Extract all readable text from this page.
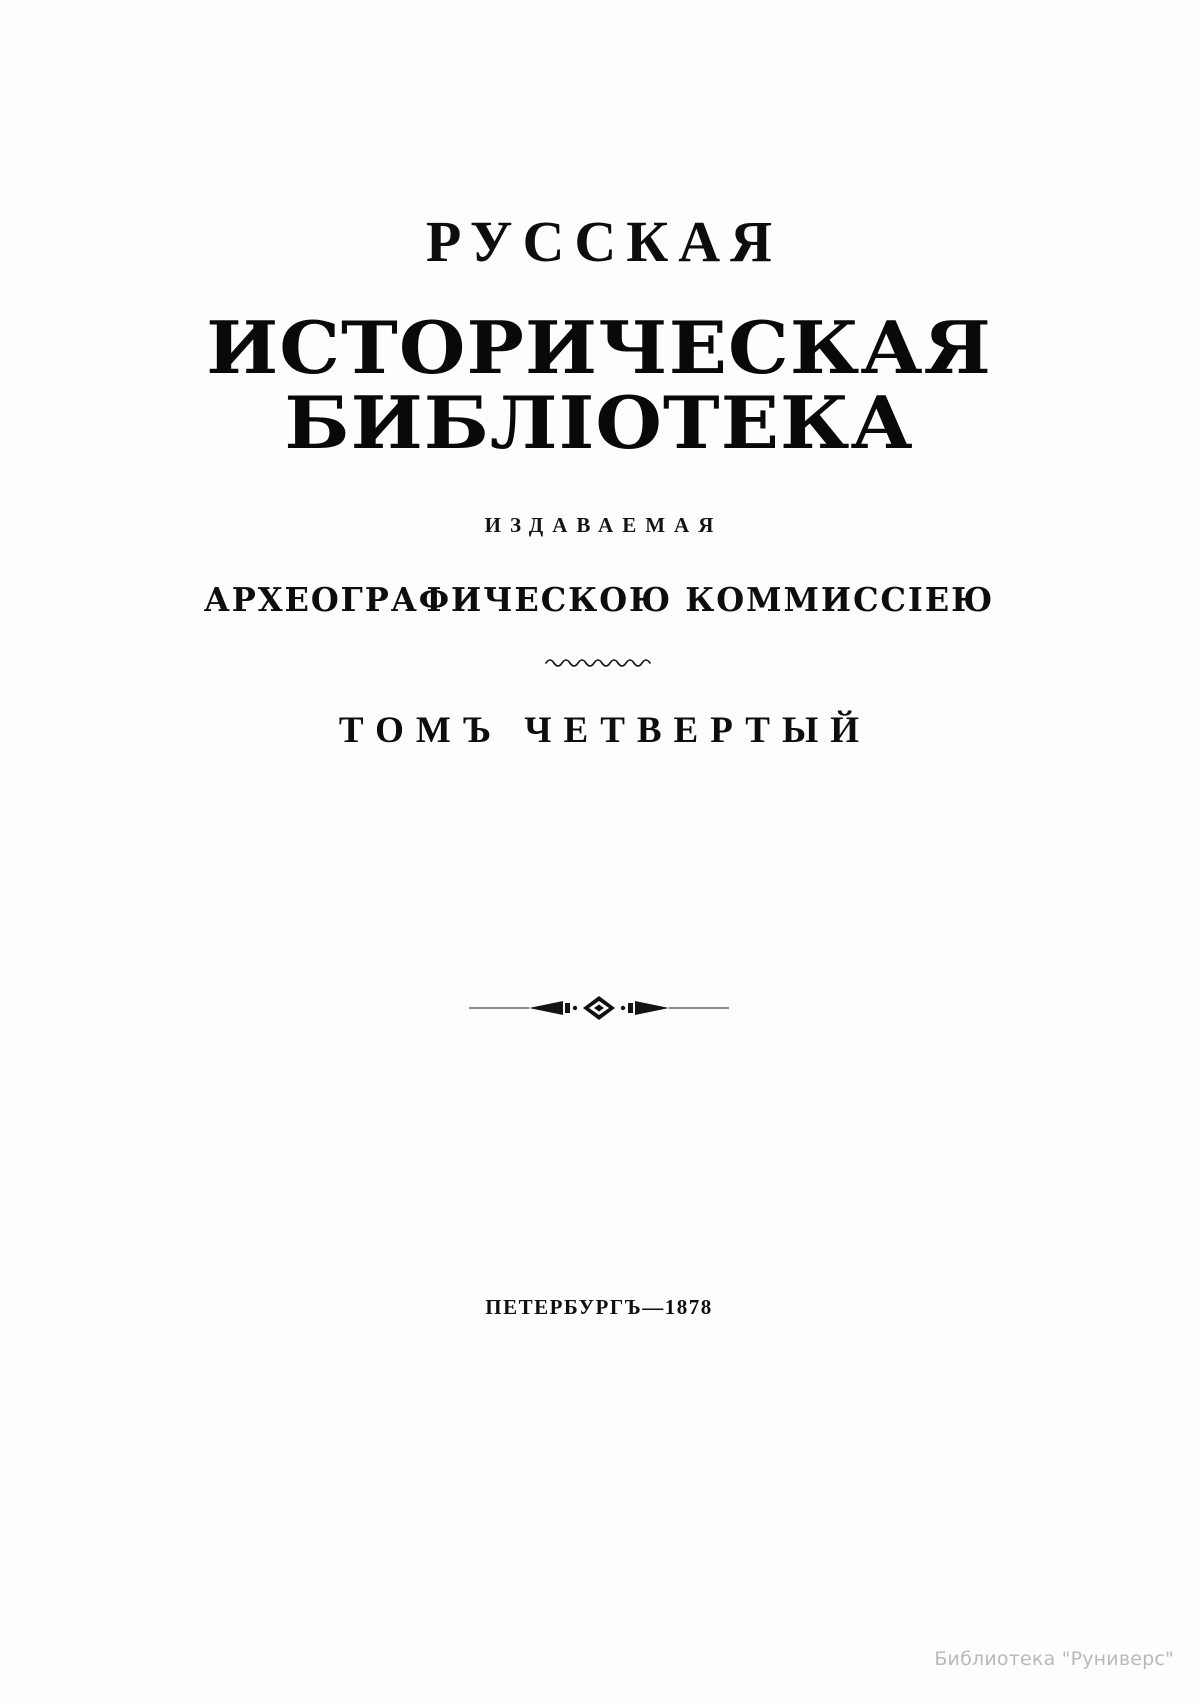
РУССКАЯ
ИСТОРИЧЕСКАЯ БИБЛIОТЕКА
ИЗДАВАЕМАЯ
АРХЕОГРАФИЧЕСКОЮ КОММИССIЕЮ
ТОМЪ ЧЕТВЕРТЫЙ
ПЕТЕРБУРГЪ—1878
Библиотека "Руниверс"
